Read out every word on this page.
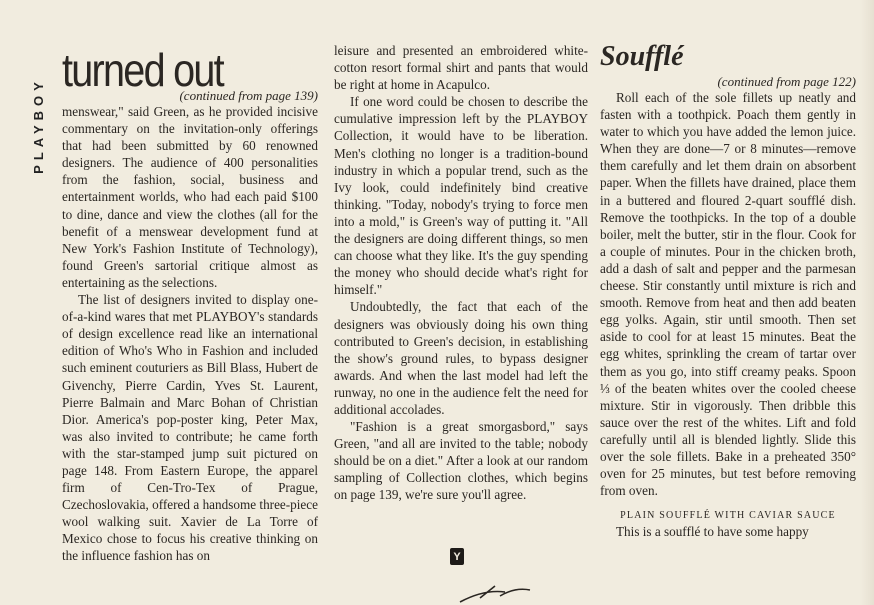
PLAYBOY
turned out
(continued from page 139)

menswear," said Green, as he provided incisive commentary on the invitation-only offerings that had been submitted by 60 renowned designers. The audience of 400 personalities from the fashion, social, business and entertainment worlds, who had each paid $100 to dine, dance and view the clothes (all for the benefit of a menswear development fund at New York's Fashion Institute of Technology), found Green's sartorial critique almost as entertaining as the selections.

The list of designers invited to display one-of-a-kind wares that met PLAYBOY's standards of design excellence read like an international edition of Who's Who in Fashion and included such eminent couturiers as Bill Blass, Hubert de Givenchy, Pierre Cardin, Yves St. Laurent, Pierre Balmain and Marc Bohan of Christian Dior. America's pop-poster king, Peter Max, was also invited to contribute; he came forth with the star-stamped jump suit pictured on page 148. From Eastern Europe, the apparel firm of Cen-Tro-Tex of Prague, Czechoslovakia, offered a handsome three-piece wool walking suit. Xavier de La Torre of Mexico chose to focus his creative thinking on the influence fashion has on

leisure and presented an embroidered white-cotton resort formal shirt and pants that would be right at home in Acapulco.

If one word could be chosen to describe the cumulative impression left by the PLAYBOY Collection, it would have to be liberation. Men's clothing no longer is a tradition-bound industry in which a popular trend, such as the Ivy look, could indefinitely bind creative thinking. "Today, nobody's trying to force men into a mold," is Green's way of putting it. "All the designers are doing different things, so men can choose what they like. It's the guy spending the money who should decide what's right for himself."

Undoubtedly, the fact that each of the designers was obviously doing his own thing contributed to Green's decision, in establishing the show's ground rules, to bypass designer awards. And when the last model had left the runway, no one in the audience felt the need for additional accolades.

"Fashion is a great smorgasbord," says Green, "and all are invited to the table; nobody should be on a diet." After a look at our random sampling of Collection clothes, which begins on page 139, we're sure you'll agree.

Y
Soufflé
(continued from page 122)

Roll each of the sole fillets up neatly and fasten with a toothpick. Poach them gently in water to which you have added the lemon juice. When they are done—7 or 8 minutes—remove them carefully and let them drain on absorbent paper. When the fillets have drained, place them in a buttered and floured 2-quart soufflé dish. Remove the toothpicks. In the top of a double boiler, melt the butter, stir in the flour. Cook for a couple of minutes. Pour in the chicken broth, add a dash of salt and pepper and the parmesan cheese. Stir constantly until mixture is rich and smooth. Remove from heat and then add beaten egg yolks. Again, stir until smooth. Then set aside to cool for at least 15 minutes. Beat the egg whites, sprinkling the cream of tartar over them as you go, into stiff creamy peaks. Spoon ⅓ of the beaten whites over the cooled cheese mixture. Stir in vigorously. Then dribble this sauce over the rest of the whites. Lift and fold carefully until all is blended lightly. Slide this over the sole fillets. Bake in a preheated 350° oven for 25 minutes, but test before removing from oven.

PLAIN SOUFFLÉ WITH CAVIAR SAUCE

This is a soufflé to have some happy
